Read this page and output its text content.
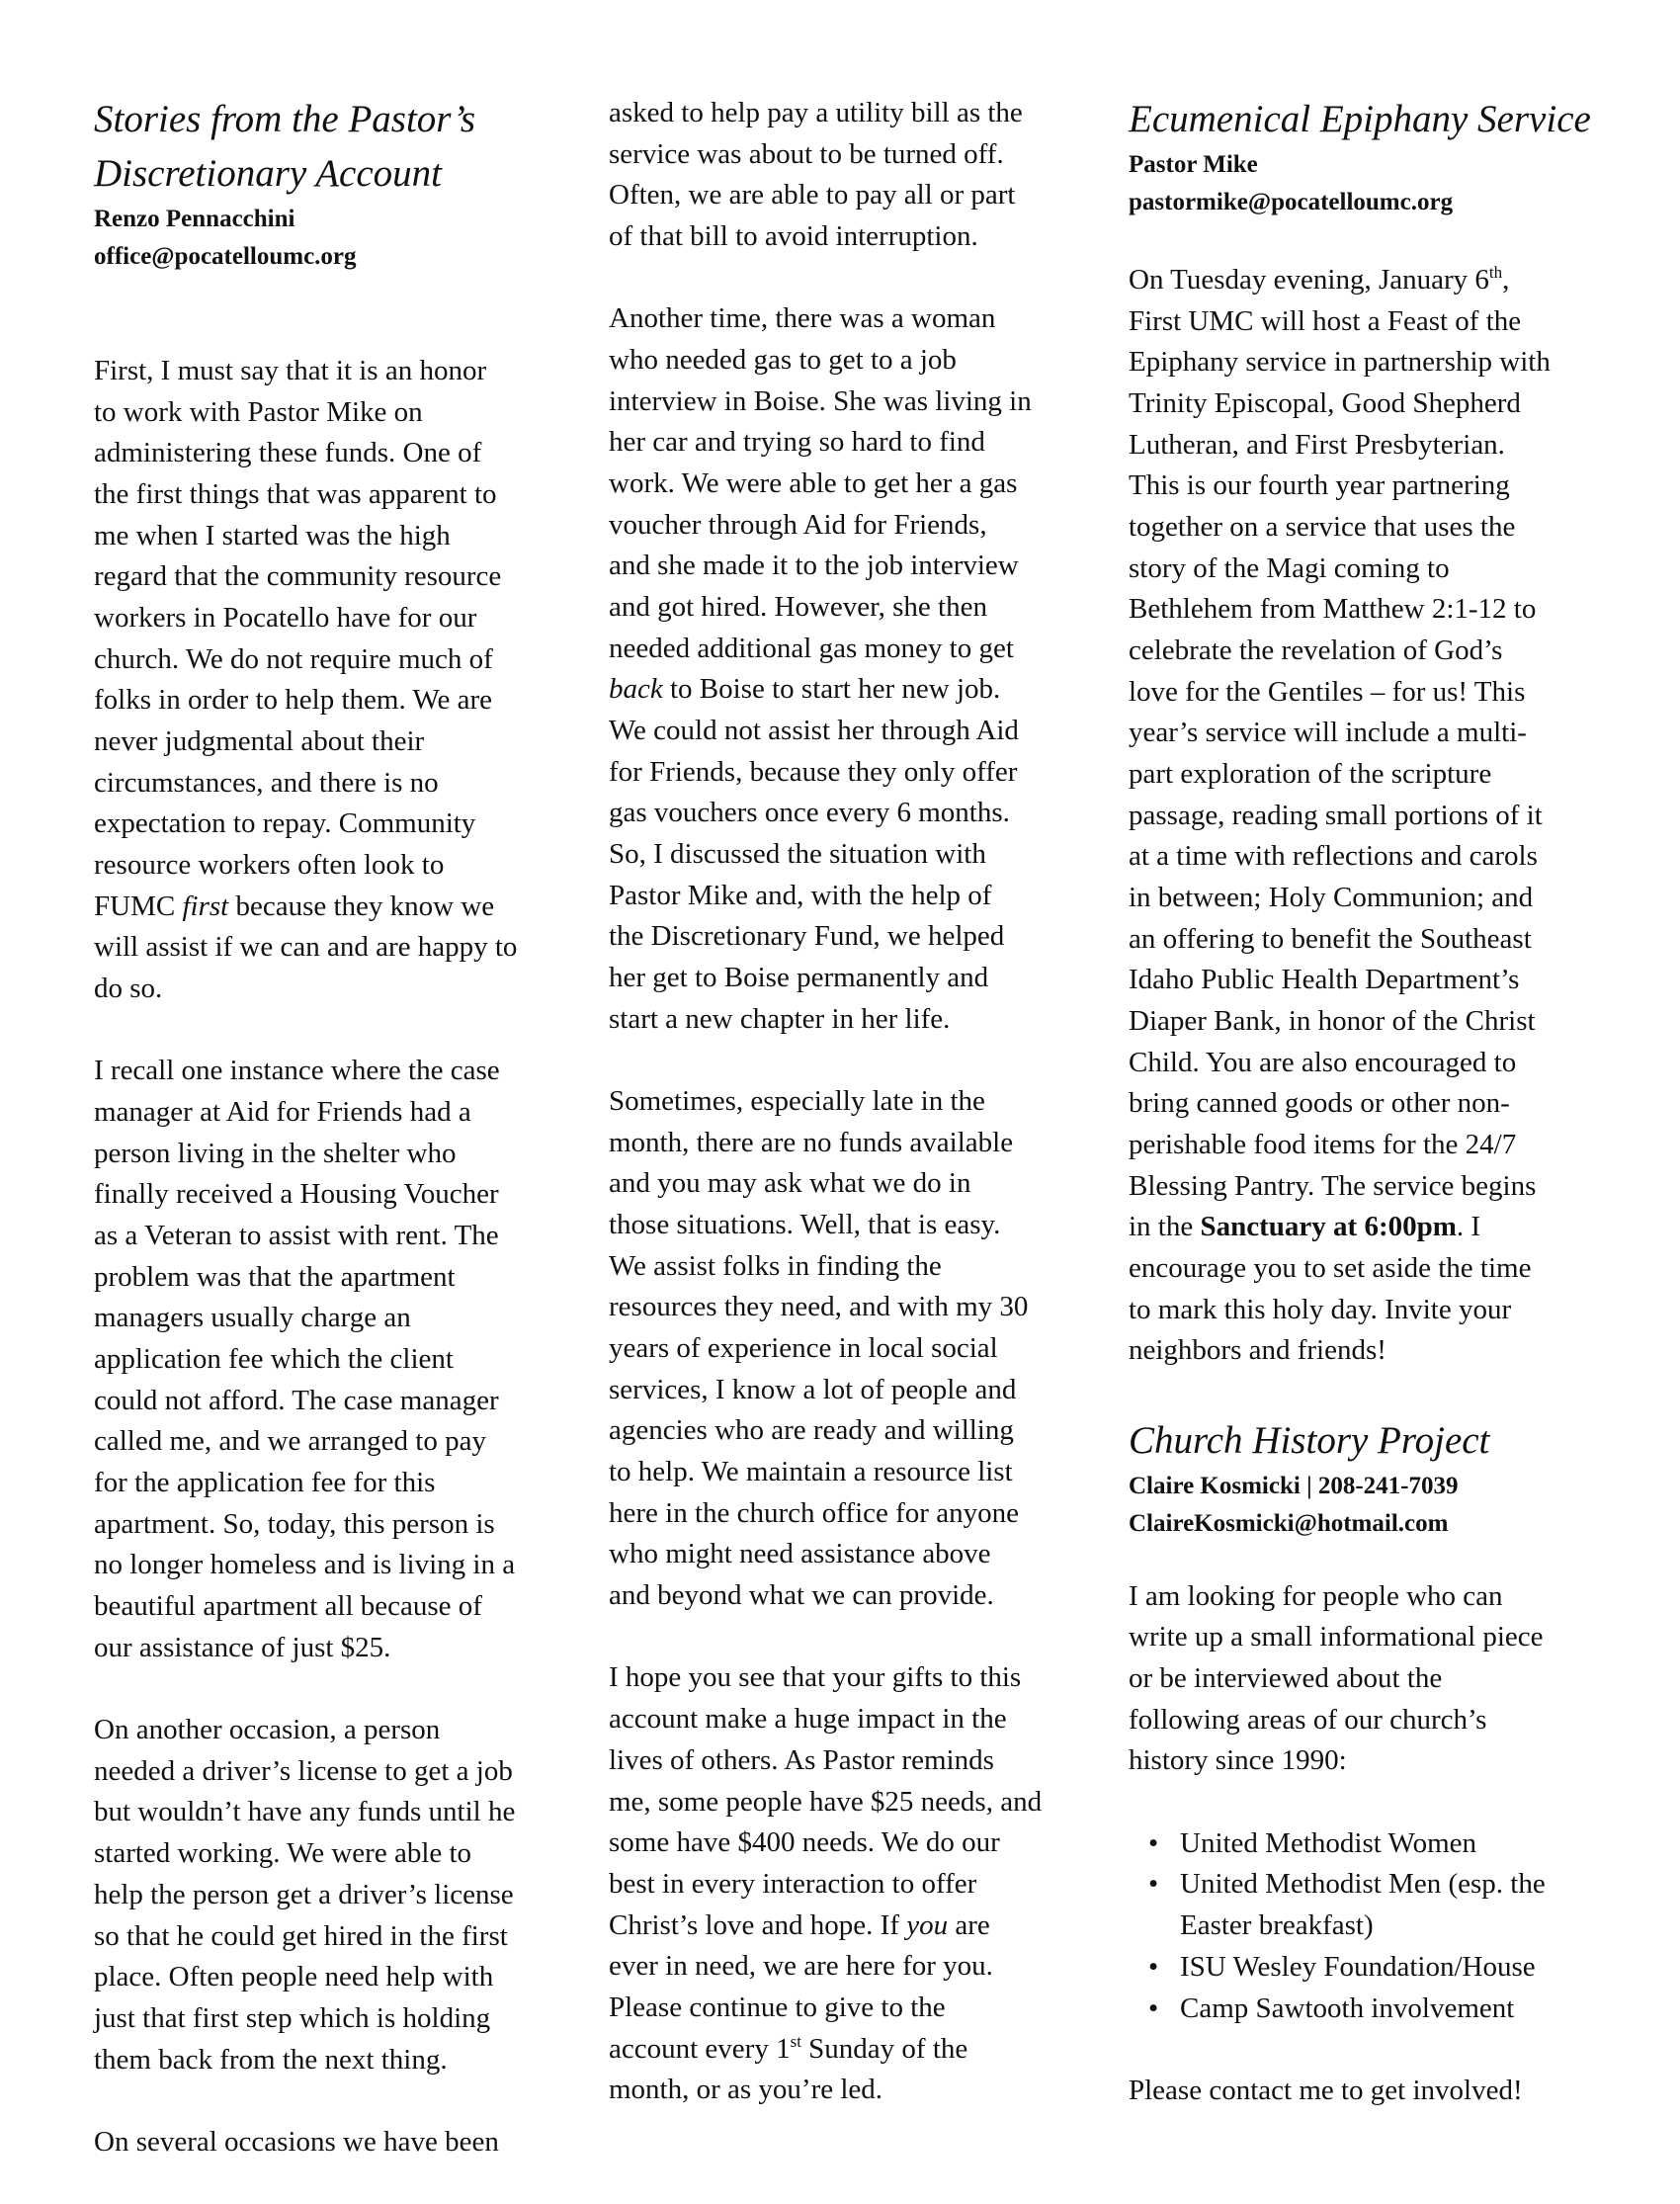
Stories from the Pastor’s
Discretionary Account
Renzo Pennacchini
office@pocatelloumc.org
First, I must say that it is an honor
to work with Pastor Mike on
administering these funds. One of
the first things that was apparent to
me when I started was the high
regard that the community resource
workers in Pocatello have for our
church. We do not require much of
folks in order to help them. We are
never judgmental about their
circumstances, and there is no
expectation to repay. Community
resource workers often look to
FUMC first because they know we
will assist if we can and are happy to
do so.
I recall one instance where the case
manager at Aid for Friends had a
person living in the shelter who
finally received a Housing Voucher
as a Veteran to assist with rent. The
problem was that the apartment
managers usually charge an
application fee which the client
could not afford. The case manager
called me, and we arranged to pay
for the application fee for this
apartment. So, today, this person is
no longer homeless and is living in a
beautiful apartment all because of
our assistance of just $25.
On another occasion, a person
needed a driver’s license to get a job
but wouldn’t have any funds until he
started working. We were able to
help the person get a driver’s license
so that he could get hired in the first
place. Often people need help with
just that first step which is holding
them back from the next thing.
On several occasions we have been
asked to help pay a utility bill as the
service was about to be turned off.
Often, we are able to pay all or part
of that bill to avoid interruption.
Another time, there was a woman
who needed gas to get to a job
interview in Boise. She was living in
her car and trying so hard to find
work. We were able to get her a gas
voucher through Aid for Friends,
and she made it to the job interview
and got hired. However, she then
needed additional gas money to get
back to Boise to start her new job.
We could not assist her through Aid
for Friends, because they only offer
gas vouchers once every 6 months.
So, I discussed the situation with
Pastor Mike and, with the help of
the Discretionary Fund, we helped
her get to Boise permanently and
start a new chapter in her life.
Sometimes, especially late in the
month, there are no funds available
and you may ask what we do in
those situations. Well, that is easy.
We assist folks in finding the
resources they need, and with my 30
years of experience in local social
services, I know a lot of people and
agencies who are ready and willing
to help. We maintain a resource list
here in the church office for anyone
who might need assistance above
and beyond what we can provide.
I hope you see that your gifts to this
account make a huge impact in the
lives of others. As Pastor reminds
me, some people have $25 needs, and
some have $400 needs. We do our
best in every interaction to offer
Christ’s love and hope. If you are
ever in need, we are here for you.
Please continue to give to the
account every 1st Sunday of the
month, or as you’re led.
Ecumenical Epiphany Service
Pastor Mike
pastormike@pocatelloumc.org
On Tuesday evening, January 6th,
First UMC will host a Feast of the
Epiphany service in partnership with
Trinity Episcopal, Good Shepherd
Lutheran, and First Presbyterian.
This is our fourth year partnering
together on a service that uses the
story of the Magi coming to
Bethlehem from Matthew 2:1-12 to
celebrate the revelation of God’s
love for the Gentiles – for us! This
year’s service will include a multi-
part exploration of the scripture
passage, reading small portions of it
at a time with reflections and carols
in between; Holy Communion; and
an offering to benefit the Southeast
Idaho Public Health Department’s
Diaper Bank, in honor of the Christ
Child. You are also encouraged to
bring canned goods or other non-
perishable food items for the 24/7
Blessing Pantry. The service begins
in the Sanctuary at 6:00pm. I
encourage you to set aside the time
to mark this holy day. Invite your
neighbors and friends!
Church History Project
Claire Kosmicki | 208-241-7039
ClaireKosmicki@hotmail.com
I am looking for people who can
write up a small informational piece
or be interviewed about the
following areas of our church’s
history since 1990:
• United Methodist Women
• United Methodist Men (esp. the
Easter breakfast)
• ISU Wesley Foundation/House
• Camp Sawtooth involvement
Please contact me to get involved!
